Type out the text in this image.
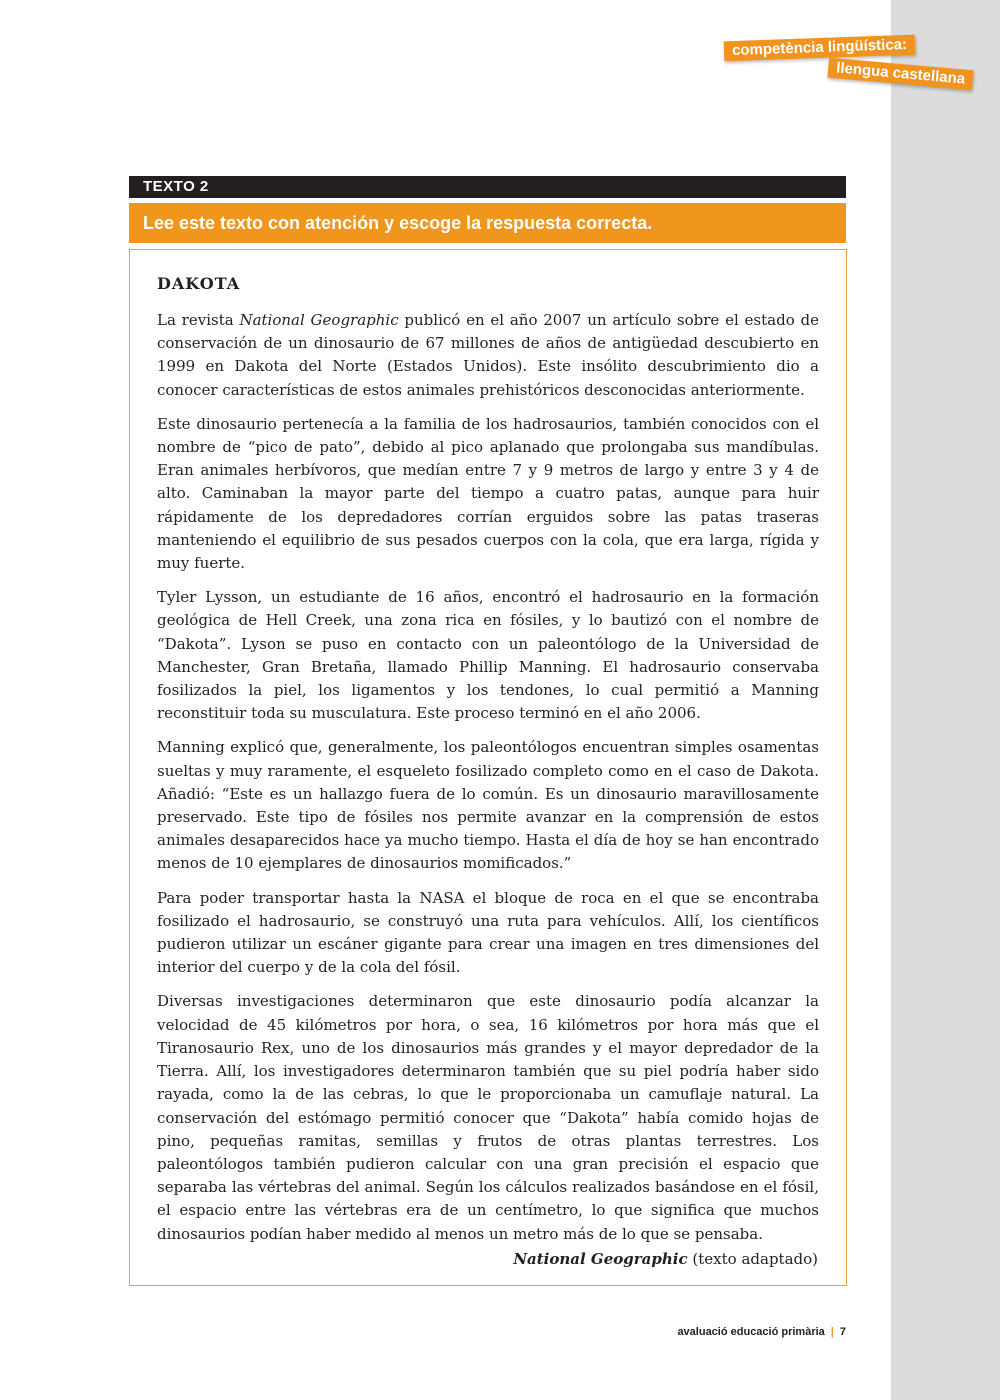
competència lingüística:
llengua castellana
TEXTO 2
Lee este texto con atención y escoge la respuesta correcta.
DAKOTA

La revista National Geographic publicó en el año 2007 un artículo sobre el estado de conservación de un dinosaurio de 67 millones de años de antigüedad descubierto en 1999 en Dakota del Norte (Estados Unidos). Este insólito descubrimiento dio a conocer características de estos animales prehistóricos desconocidas anteriormente.

Este dinosaurio pertenecía a la familia de los hadrosaurios, también conocidos con el nombre de “pico de pato”, debido al pico aplanado que prolongaba sus mandíbulas. Eran animales herbívoros, que medían entre 7 y 9 metros de largo y entre 3 y 4 de alto. Caminaban la mayor parte del tiempo a cuatro patas, aunque para huir rápidamente de los depredadores corrían erguidos sobre las patas traseras manteniendo el equilibrio de sus pesados cuerpos con la cola, que era larga, rígida y muy fuerte.

Tyler Lysson, un estudiante de 16 años, encontró el hadrosaurio en la formación geológica de Hell Creek, una zona rica en fósiles, y lo bautizó con el nombre de “Dakota”. Lyson se puso en contacto con un paleontólogo de la Universidad de Manchester, Gran Bretaña, llamado Phillip Manning. El hadrosaurio conservaba fosilizados la piel, los ligamentos y los tendones, lo cual permitió a Manning reconstituir toda su musculatura. Este proceso terminó en el año 2006.

Manning explicó que, generalmente, los paleontólogos encuentran simples osamentas sueltas y muy raramente, el esqueleto fosilizado completo como en el caso de Dakota. Añadió: “Este es un hallazgo fuera de lo común. Es un dinosaurio maravillosamente preservado. Este tipo de fósiles nos permite avanzar en la comprensión de estos animales desaparecidos hace ya mucho tiempo. Hasta el día de hoy se han encontrado menos de 10 ejemplares de dinosaurios momificados.”

Para poder transportar hasta la NASA el bloque de roca en el que se encontraba fosilizado el hadrosaurio, se construyó una ruta para vehículos. Allí, los científicos pudieron utilizar un escáner gigante para crear una imagen en tres dimensiones del interior del cuerpo y de la cola del fósil.

Diversas investigaciones determinaron que este dinosaurio podía alcanzar la velocidad de 45 kilómetros por hora, o sea, 16 kilómetros por hora más que el Tiranosaurio Rex, uno de los dinosaurios más grandes y el mayor depredador de la Tierra. Allí, los investigadores determinaron también que su piel podría haber sido rayada, como la de las cebras, lo que le proporcionaba un camuflaje natural. La conservación del estómago permitió conocer que “Dakota” había comido hojas de pino, pequeñas ramitas, semillas y frutos de otras plantas terrestres. Los paleontólogos también pudieron calcular con una gran precisión el espacio que separaba las vértebras del animal. Según los cálculos realizados basándose en el fósil, el espacio entre las vértebras era de un centímetro, lo que significa que muchos dinosaurios podían haber medido al menos un metro más de lo que se pensaba.

National Geographic (texto adaptado)
avaluació educació primària | 7
